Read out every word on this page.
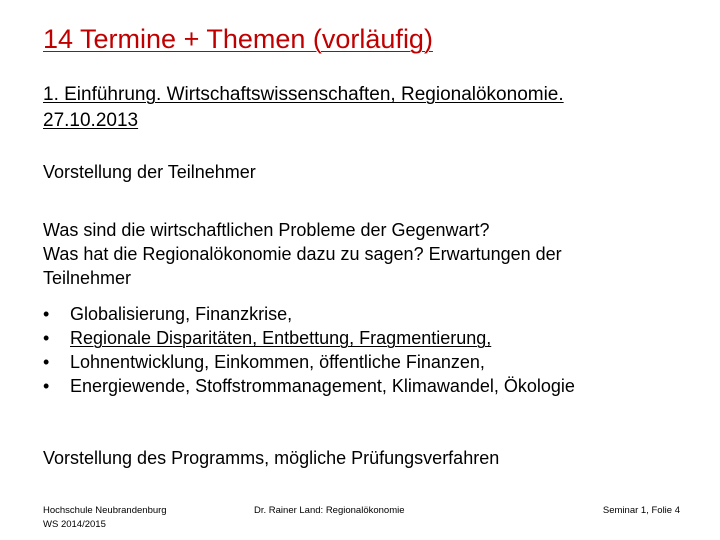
14 Termine + Themen (vorläufig)
1. Einführung. Wirtschaftswissenschaften, Regionalökonomie.
27.10.2013
Vorstellung der Teilnehmer
Was sind die wirtschaftlichen Probleme der Gegenwart?
Was hat die Regionalökonomie dazu zu sagen? Erwartungen der
Teilnehmer
• Globalisierung, Finanzkrise,
• Regionale Disparitäten, Entbettung, Fragmentierung,
• Lohnentwicklung, Einkommen, öffentliche Finanzen,
• Energiewende, Stoffstrommanagement, Klimawandel, Ökologie
Vorstellung des Programms, mögliche Prüfungsverfahren
Hochschule Neubrandenburg
WS 2014/2015
Dr. Rainer Land: Regionalökonomie	Seminar 1, Folie 4
